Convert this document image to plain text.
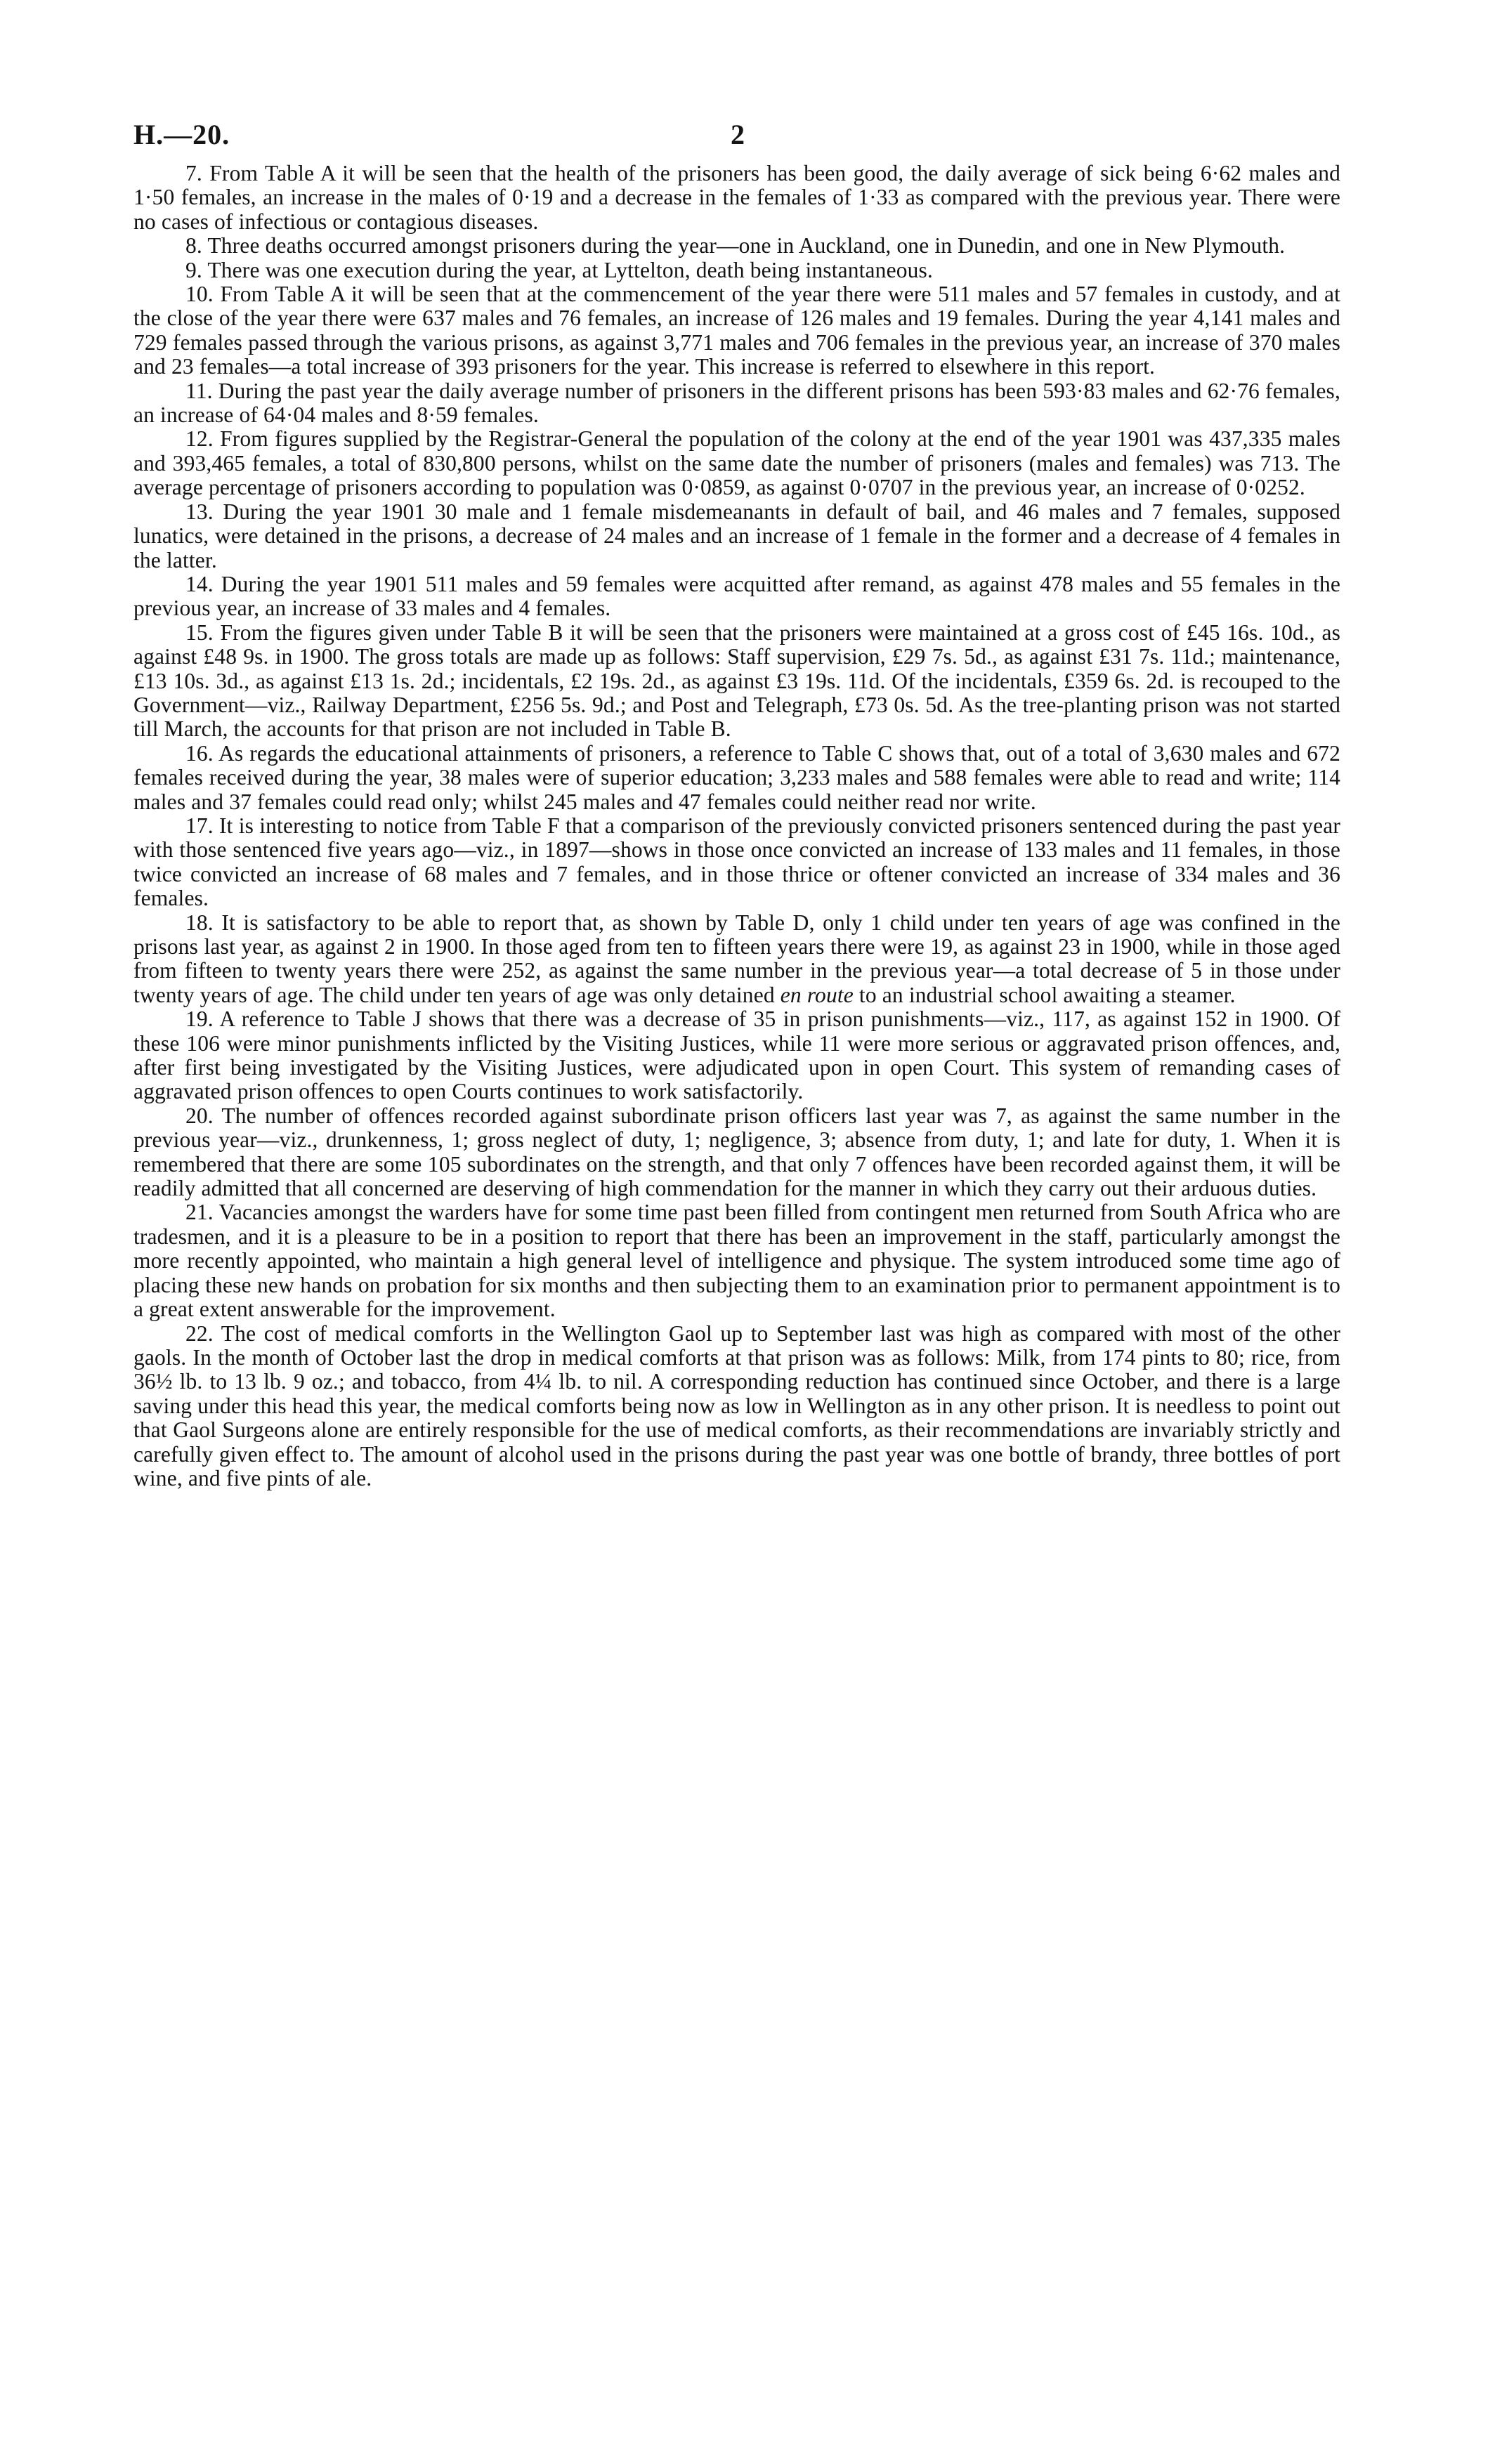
H.—20.	2

7. From Table A it will be seen that the health of the prisoners has been good, the daily average of sick being 6·62 males and 1·50 females, an increase in the males of 0·19 and a decrease in the females of 1·33 as compared with the previous year. There were no cases of infectious or contagious diseases.

8. Three deaths occurred amongst prisoners during the year—one in Auckland, one in Dunedin, and one in New Plymouth.

9. There was one execution during the year, at Lyttelton, death being instantaneous.

10. From Table A it will be seen that at the commencement of the year there were 511 males and 57 females in custody, and at the close of the year there were 637 males and 76 females, an increase of 126 males and 19 females. During the year 4,141 males and 729 females passed through the various prisons, as against 3,771 males and 706 females in the previous year, an increase of 370 males and 23 females—a total increase of 393 prisoners for the year. This increase is referred to elsewhere in this report.

11. During the past year the daily average number of prisoners in the different prisons has been 593·83 males and 62·76 females, an increase of 64·04 males and 8·59 females.

12. From figures supplied by the Registrar-General the population of the colony at the end of the year 1901 was 437,335 males and 393,465 females, a total of 830,800 persons, whilst on the same date the number of prisoners (males and females) was 713. The average percentage of prisoners according to population was 0·0859, as against 0·0707 in the previous year, an increase of 0·0252.

13. During the year 1901 30 male and 1 female misdemeanants in default of bail, and 46 males and 7 females, supposed lunatics, were detained in the prisons, a decrease of 24 males and an increase of 1 female in the former and a decrease of 4 females in the latter.

14. During the year 1901 511 males and 59 females were acquitted after remand, as against 478 males and 55 females in the previous year, an increase of 33 males and 4 females.

15. From the figures given under Table B it will be seen that the prisoners were maintained at a gross cost of £45 16s. 10d., as against £48 9s. in 1900. The gross totals are made up as follows: Staff supervision, £29 7s. 5d., as against £31 7s. 11d.; maintenance, £13 10s. 3d., as against £13 1s. 2d.; incidentals, £2 19s. 2d., as against £3 19s. 11d. Of the incidentals, £359 6s. 2d. is recouped to the Government—viz., Railway Department, £256 5s. 9d.; and Post and Telegraph, £73 0s. 5d. As the tree-planting prison was not started till March, the accounts for that prison are not included in Table B.

16. As regards the educational attainments of prisoners, a reference to Table C shows that, out of a total of 3,630 males and 672 females received during the year, 38 males were of superior education; 3,233 males and 588 females were able to read and write; 114 males and 37 females could read only; whilst 245 males and 47 females could neither read nor write.

17. It is interesting to notice from Table F that a comparison of the previously convicted prisoners sentenced during the past year with those sentenced five years ago—viz., in 1897—shows in those once convicted an increase of 133 males and 11 females, in those twice convicted an increase of 68 males and 7 females, and in those thrice or oftener convicted an increase of 334 males and 36 females.

18. It is satisfactory to be able to report that, as shown by Table D, only 1 child under ten years of age was confined in the prisons last year, as against 2 in 1900. In those aged from ten to fifteen years there were 19, as against 23 in 1900, while in those aged from fifteen to twenty years there were 252, as against the same number in the previous year—a total decrease of 5 in those under twenty years of age. The child under ten years of age was only detained en route to an industrial school awaiting a steamer.

19. A reference to Table J shows that there was a decrease of 35 in prison punishments—viz., 117, as against 152 in 1900. Of these 106 were minor punishments inflicted by the Visiting Justices, while 11 were more serious or aggravated prison offences, and, after first being investigated by the Visiting Justices, were adjudicated upon in open Court. This system of remanding cases of aggravated prison offences to open Courts continues to work satisfactorily.

20. The number of offences recorded against subordinate prison officers last year was 7, as against the same number in the previous year—viz., drunkenness, 1; gross neglect of duty, 1; negligence, 3; absence from duty, 1; and late for duty, 1. When it is remembered that there are some 105 subordinates on the strength, and that only 7 offences have been recorded against them, it will be readily admitted that all concerned are deserving of high commendation for the manner in which they carry out their arduous duties.

21. Vacancies amongst the warders have for some time past been filled from contingent men returned from South Africa who are tradesmen, and it is a pleasure to be in a position to report that there has been an improvement in the staff, particularly amongst the more recently appointed, who maintain a high general level of intelligence and physique. The system introduced some time ago of placing these new hands on probation for six months and then subjecting them to an examination prior to permanent appointment is to a great extent answerable for the improvement.

22. The cost of medical comforts in the Wellington Gaol up to September last was high as compared with most of the other gaols. In the month of October last the drop in medical comforts at that prison was as follows: Milk, from 174 pints to 80; rice, from 36½ lb. to 13 lb. 9 oz.; and tobacco, from 4¼ lb. to nil. A corresponding reduction has continued since October, and there is a large saving under this head this year, the medical comforts being now as low in Wellington as in any other prison. It is needless to point out that Gaol Surgeons alone are entirely responsible for the use of medical comforts, as their recommendations are invariably strictly and carefully given effect to. The amount of alcohol used in the prisons during the past year was one bottle of brandy, three bottles of port wine, and five pints of ale.
